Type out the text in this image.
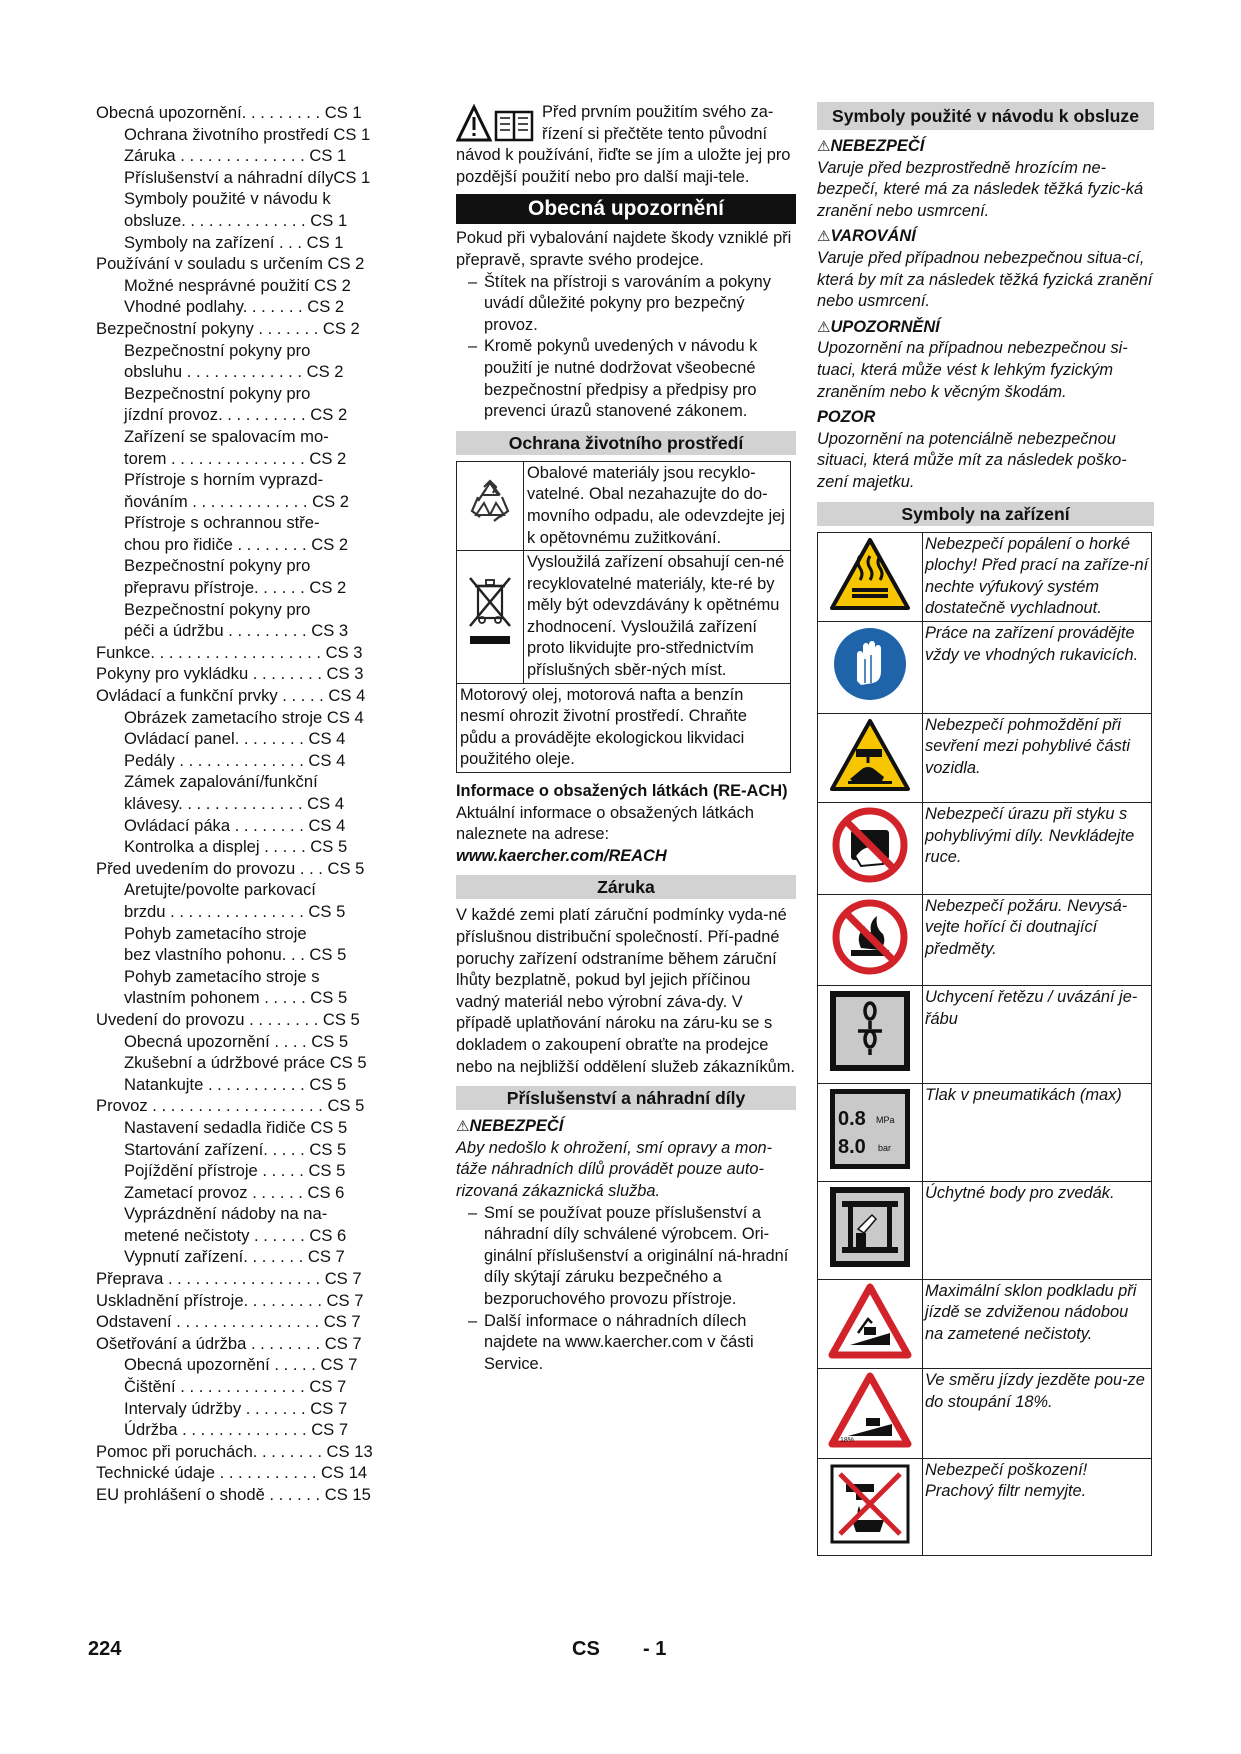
Obecná upozornění. . . . . . . . . CS 1
Ochrana životního prostředí CS 1
Záruka . . . . . . . . . . . . . . CS 1
Příslušenství a náhradní dílyCS 1
Symboly použité v návodu k
obsluze. . . . . . . . . . . . . . CS 1
Symboly na zařízení . . . CS 1
Používání v souladu s určením CS 2
Možné nesprávné použití CS 2
Vhodné podlahy. . . . . . . CS 2
Bezpečnostní pokyny . . . . . . . CS 2
Bezpečnostní pokyny pro
obsluhu . . . . . . . . . . . . . CS 2
Bezpečnostní pokyny pro
jízdní provoz. . . . . . . . . . CS 2
Zařízení se spalovacím mo-
torem . . . . . . . . . . . . . . . CS 2
Přístroje s horním vyprazd-
ňováním . . . . . . . . . . . . . CS 2
Přístroje s ochrannou stře-
chou pro řidiče . . . . . . . . CS 2
Bezpečnostní pokyny pro
přepravu přístroje. . . . . . CS 2
Bezpečnostní pokyny pro
péči a údržbu . . . . . . . . . CS 3
Funkce. . . . . . . . . . . . . . . . . . . CS 3
Pokyny pro vykládku . . . . . . . . CS 3
Ovládací a funkční prvky . . . . . CS 4
Obrázek zametacího stroje CS 4
Ovládací panel. . . . . . . . CS 4
Pedály . . . . . . . . . . . . . . CS 4
Zámek zapalování/funkční
klávesy. . . . . . . . . . . . . . CS 4
Ovládací páka . . . . . . . . CS 4
Kontrolka a displej . . . . . CS 5
Před uvedením do provozu . . . CS 5
Aretujte/povolte parkovací
brzdu . . . . . . . . . . . . . . . CS 5
Pohyb zametacího stroje
bez vlastního pohonu. . . CS 5
Pohyb zametacího stroje s
vlastním pohonem . . . . . CS 5
Uvedení do provozu . . . . . . . . CS 5
Obecná upozornění . . . . CS 5
Zkušební a údržbové práce CS 5
Natankujte . . . . . . . . . . . CS 5
Provoz . . . . . . . . . . . . . . . . . . . CS 5
Nastavení sedadla řidiče CS 5
Startování zařízení. . . . . CS 5
Pojíždění přístroje . . . . . CS 5
Zametací provoz . . . . . . CS 6
Vyprázdnění nádoby na na-
metené nečistoty . . . . . . CS 6
Vypnutí zařízení. . . . . . . CS 7
Přeprava . . . . . . . . . . . . . . . . . CS 7
Uskladnění přístroje. . . . . . . . . CS 7
Odstavení . . . . . . . . . . . . . . . . CS 7
Ošetřování a údržba . . . . . . . . CS 7
Obecná upozornění . . . . . CS 7
Čištění . . . . . . . . . . . . . . CS 7
Intervaly údržby . . . . . . . CS 7
Údržba . . . . . . . . . . . . . . CS 7
Pomoc při poruchách. . . . . . . . CS 13
Technické údaje . . . . . . . . . . . CS 14
EU prohlášení o shodě . . . . . . CS 15

Před prvním použitím svého za-řízení si přečtěte tento původní návod k používání, řiďte se jím a uložte jej pro pozdější použití nebo pro další maji-tele.

Obecná upozornění

Pokud při vybalování najdete škody vzniklé při přepravě, spravte svého prodejce.

– Štítek na přístroji s varováním a pokyny uvádí důležité pokyny pro bezpečný provoz.

– Kromě pokynů uvedených v návodu k použití je nutné dodržovat všeobecné bezpečnostní předpisy a předpisy pro prevenci úrazů stanovené zákonem.

Ochrana životního prostředí
	Obalové materiály jsou recyklo-vatelné. Obal nezahazujte do do-movního odpadu, ale odevzdejte jej k opětovnému zužitkování.
	Vysloužilá zařízení obsahují cen-né recyklovatelné materiály, kte-ré by měly být odevzdávány k opětnému zhodnocení. Vysloužilá zařízení proto likvidujte pro-střednictvím příslušných sběr-ných míst.
Motorový olej, motorová nafta a benzín nesmí ohrozit životní prostředí. Chraňte půdu a provádějte ekologickou likvidaci použitého oleje.	

Informace o obsažených látkách (RE-ACH)

Aktuální informace o obsažených látkách naleznete na adrese:

www.kaercher.com/REACH

Záruka

V každé zemi platí záruční podmínky vyda-né příslušnou distribuční společností. Pří-padné poruchy zařízení odstraníme během záruční lhůty bezplatně, pokud byl jejich příčinou vadný materiál nebo výrobní záva-dy. V případě uplatňování nároku na záru-ku se s dokladem o zakoupení obraťte na prodejce nebo na nejbližší oddělení služeb zákazníkům.

Příslušenství a náhradní díly

⚠NEBEZPEČÍ

Aby nedošlo k ohrožení, smí opravy a mon-táže náhradních dílů provádět pouze auto-rizovaná zákaznická služba.

– Smí se používat pouze příslušenství a náhradní díly schválené výrobcem. Ori-ginální příslušenství a originální ná-hradní díly skýtají záruku bezpečného a bezporuchového provozu přístroje.

– Další informace o náhradních dílech najdete na www.kaercher.com v části Service.

Symboly použité v návodu k obsluze

⚠NEBEZPEČÍ

Varuje před bezprostředně hrozícím ne-bezpečí, které má za následek těžká fyzic-ká zranění nebo usmrcení.

⚠VAROVÁNÍ

Varuje před případnou nebezpečnou situa-cí, která by mít za následek těžká fyzická zranění nebo usmrcení.

⚠UPOZORNĚNÍ

Upozornění na případnou nebezpečnou si-tuaci, která může vést k lehkým fyzickým zraněním nebo k věcným škodám.

POZOR

Upozornění na potenciálně nebezpečnou situaci, která může mít za následek poško-zení majetku.

Symboly na zařízení
	Nebezpečí popálení o horké plochy! Před prací na zaříze-ní nechte výfukový systém dostatečně vychladnout.
	Práce na zařízení provádějte vždy ve vhodných rukavicích.
	Nebezpečí pohmoždění při sevření mezi pohyblivé části vozidla.
	Nebezpečí úrazu při styku s pohyblivými díly. Nevkládejte ruce.
	Nebezpečí požáru. Nevysá-vejte hořící či doutnající předměty.
	Uchycení řetězu / uvázání je-řábu

0.8 MPa
8.0 bar	Tlak v pneumatikách (max)
	Úchytné body pro zvedák.
	Maximální sklon podkladu při jízdě se zdviženou nádobou na zametené nečistoty.

18%	Ve směru jízdy jezděte pou-ze do stoupání 18%.
	Nebezpečí poškození! Prachový filtr nemyjte.
224	CS - 1
